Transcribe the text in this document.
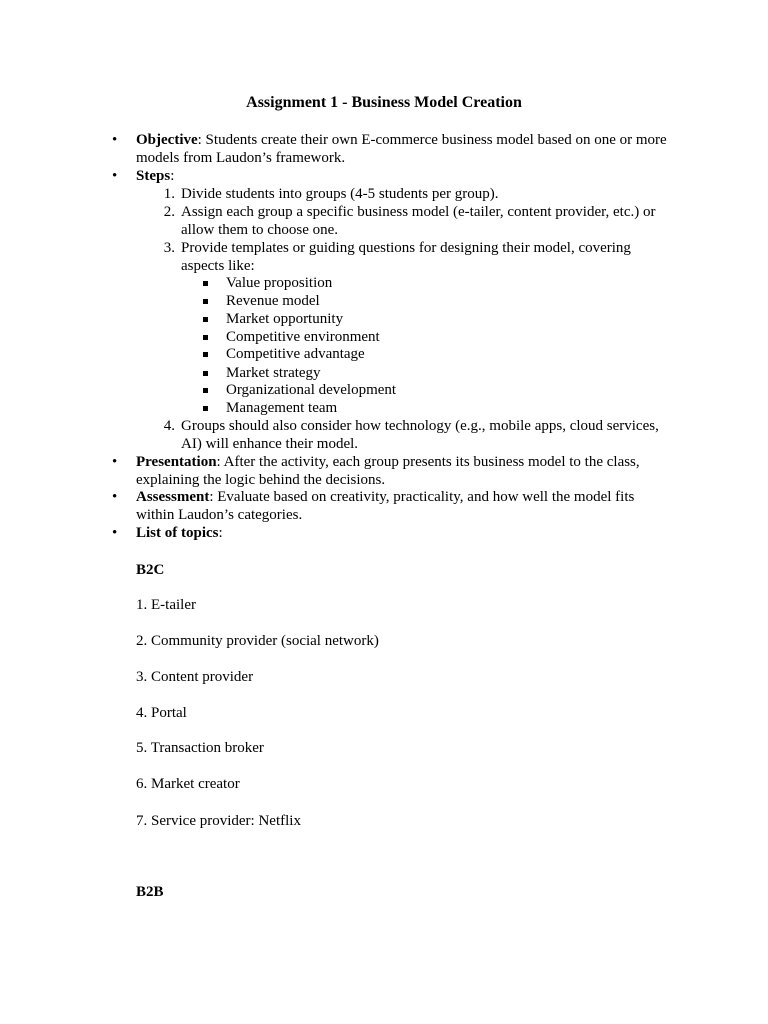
Assignment 1 - Business Model Creation
• Objective: Students create their own E-commerce business model based on one or more
models from Laudon’s framework.
• Steps:
1. Divide students into groups (4-5 students per group).
2. Assign each group a specific business model (e-tailer, content provider, etc.) or
allow them to choose one.
3. Provide templates or guiding questions for designing their model, covering
aspects like:
Value proposition
Revenue model
Market opportunity
Competitive environment
Competitive advantage
Market strategy
Organizational development
Management team
4. Groups should also consider how technology (e.g., mobile apps, cloud services,
AI) will enhance their model.
• Presentation: After the activity, each group presents its business model to the class,
explaining the logic behind the decisions.
• Assessment: Evaluate based on creativity, practicality, and how well the model fits
within Laudon’s categories.
• List of topics:
B2C
1. E-tailer
2. Community provider (social network)
3. Content provider
4. Portal
5. Transaction broker
6. Market creator
7. Service provider: Netflix
B2B
